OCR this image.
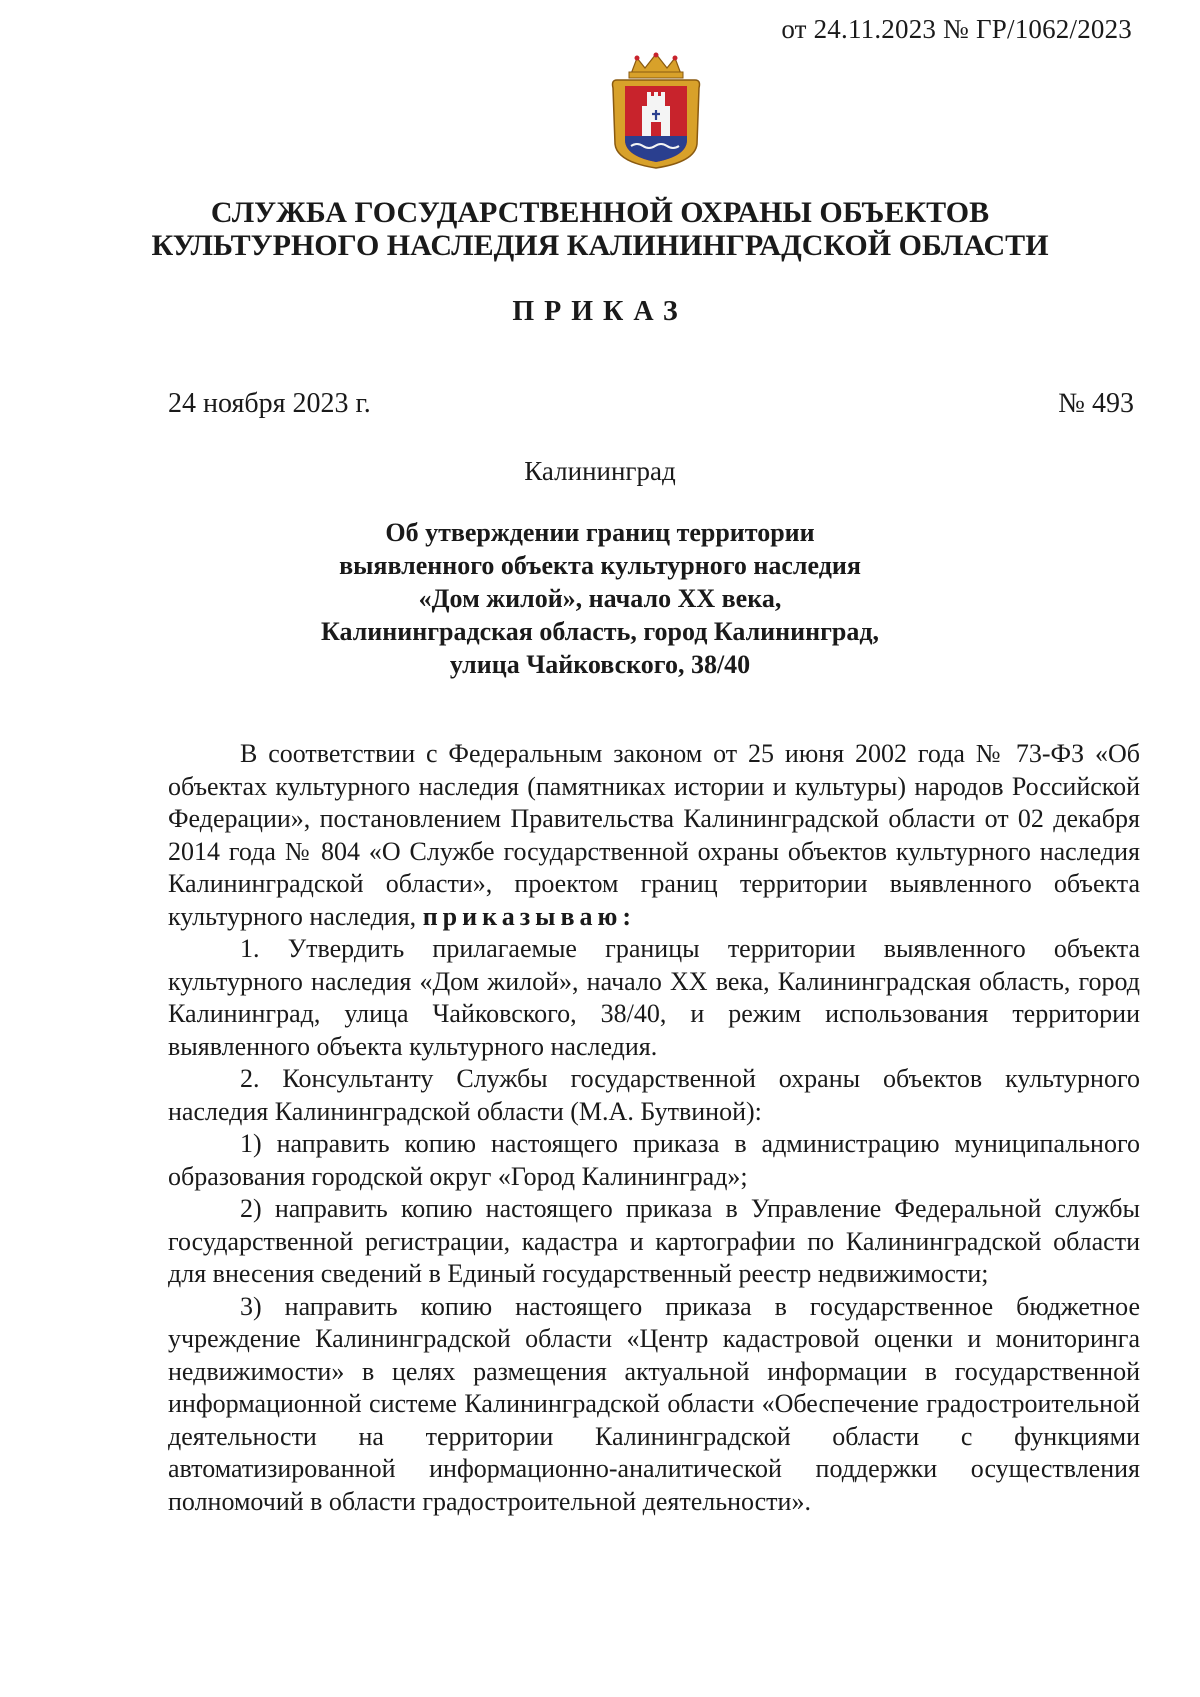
от 24.11.2023 № ГР/1062/2023
СЛУЖБА ГОСУДАРСТВЕННОЙ ОХРАНЫ ОБЪЕКТОВ
КУЛЬТУРНОГО НАСЛЕДИЯ КАЛИНИНГРАДСКОЙ ОБЛАСТИ
ПРИКАЗ
24 ноября 2023 г.	№ 493
Калининград
Об утверждении границ территории
выявленного объекта культурного наследия
«Дом жилой», начало XX века,
Калининградская область, город Калининград,
улица Чайковского, 38/40

В соответствии с Федеральным законом от 25 июня 2002 года № 73-ФЗ «Об объектах культурного наследия (памятниках истории и культуры) народов Российской Федерации», постановлением Правительства Калининградской области от 02 декабря 2014 года № 804 «О Службе государственной охраны объектов культурного наследия Калининградской области», проектом границ территории выявленного объекта культурного наследия, приказываю:

1. Утвердить прилагаемые границы территории выявленного объекта культурного наследия «Дом жилой», начало XX века, Калининградская область, город Калининград, улица Чайковского, 38/40, и режим использования территории выявленного объекта культурного наследия.

2. Консультанту Службы государственной охраны объектов культурного наследия Калининградской области (М.А. Бутвиной):

1) направить копию настоящего приказа в администрацию муниципального образования городской округ «Город Калининград»;

2) направить копию настоящего приказа в Управление Федеральной службы государственной регистрации, кадастра и картографии по Калининградской области для внесения сведений в Единый государственный реестр недвижимости;

3) направить копию настоящего приказа в государственное бюджетное учреждение Калининградской области «Центр кадастровой оценки и мониторинга недвижимости» в целях размещения актуальной информации в государственной информационной системе Калининградской области «Обеспечение градостроительной деятельности на территории Калининградской области с функциями автоматизированной информационно-аналитической поддержки осуществления полномочий в области градостроительной деятельности».
